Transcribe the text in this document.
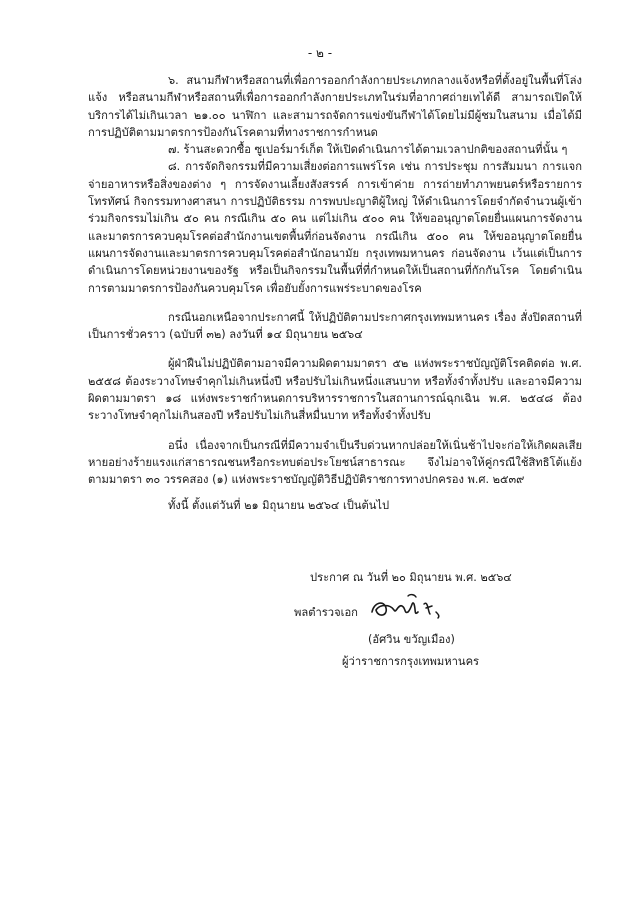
- ๒ -

๖. สนามกีฬาหรือสถานที่เพื่อการออกกำลังกายประเภทกลางแจ้งหรือที่ตั้งอยู่ในพื้นที่โล่งแจ้ง หรือสนามกีฬาหรือสถานที่เพื่อการออกกำลังกายประเภทในร่มที่อากาศถ่ายเทได้ดี สามารถเปิดให้บริการได้ไม่เกินเวลา ๒๑.๐๐ นาฬิกา และสามารถจัดการแข่งขันกีฬาได้โดยไม่มีผู้ชมในสนาม เมื่อได้มีการปฏิบัติตามมาตรการป้องกันโรคตามที่ทางราชการกำหนด

๗. ร้านสะดวกซื้อ ซูเปอร์มาร์เก็ต ให้เปิดดำเนินการได้ตามเวลาปกติของสถานที่นั้น ๆ

๘. การจัดกิจกรรมที่มีความเสี่ยงต่อการแพร่โรค เช่น การประชุม การสัมมนา การแจกจ่ายอาหารหรือสิ่งของต่าง ๆ การจัดงานเลี้ยงสังสรรค์ การเข้าค่าย การถ่ายทำภาพยนตร์หรือรายการโทรทัศน์ กิจกรรมทางศาสนา การปฏิบัติธรรม การพบปะญาติผู้ใหญ่ ให้ดำเนินการโดยจำกัดจำนวนผู้เข้าร่วมกิจกรรมไม่เกิน ๕๐ คน กรณีเกิน ๕๐ คน แต่ไม่เกิน ๕๐๐ คน ให้ขออนุญาตโดยยื่นแผนการจัดงานและมาตรการควบคุมโรคต่อสำนักงานเขตพื้นที่ก่อนจัดงาน กรณีเกิน ๕๐๐ คน ให้ขออนุญาตโดยยื่นแผนการจัดงานและมาตรการควบคุมโรคต่อสำนักอนามัย กรุงเทพมหานคร ก่อนจัดงาน เว้นแต่เป็นการดำเนินการโดยหน่วยงานของรัฐ หรือเป็นกิจกรรมในพื้นที่ที่กำหนดให้เป็นสถานที่กักกันโรค โดยดำเนินการตามมาตรการป้องกันควบคุมโรค เพื่อยับยั้งการแพร่ระบาดของโรค

กรณีนอกเหนือจากประกาศนี้ ให้ปฏิบัติตามประกาศกรุงเทพมหานคร เรื่อง สั่งปิดสถานที่เป็นการชั่วคราว (ฉบับที่ ๓๒) ลงวันที่ ๑๔ มิถุนายน ๒๕๖๔

ผู้ฝ่าฝืนไม่ปฏิบัติตามอาจมีความผิดตามมาตรา ๕๒ แห่งพระราชบัญญัติโรคติดต่อ พ.ศ. ๒๕๕๘ ต้องระวางโทษจำคุกไม่เกินหนึ่งปี หรือปรับไม่เกินหนึ่งแสนบาท หรือทั้งจำทั้งปรับ และอาจมีความผิดตามมาตรา ๑๘ แห่งพระราชกำหนดการบริหารราชการในสถานการณ์ฉุกเฉิน พ.ศ. ๒๕๔๘ ต้องระวางโทษจำคุกไม่เกินสองปี หรือปรับไม่เกินสี่หมื่นบาท หรือทั้งจำทั้งปรับ

อนึ่ง เนื่องจากเป็นกรณีที่มีความจำเป็นรีบด่วนหากปล่อยให้เนิ่นช้าไปจะก่อให้เกิดผลเสียหายอย่างร้ายแรงแก่สาธารณชนหรือกระทบต่อประโยชน์สาธารณะ จึงไม่อาจให้คู่กรณีใช้สิทธิโต้แย้ง ตามมาตรา ๓๐ วรรคสอง (๑) แห่งพระราชบัญญัติวิธีปฏิบัติราชการทางปกครอง พ.ศ. ๒๕๓๙

ทั้งนี้ ตั้งแต่วันที่ ๒๑ มิถุนายน ๒๕๖๔ เป็นต้นไป

ประกาศ ณ วันที่ ๒๐ มิถุนายน พ.ศ. ๒๕๖๔
พลตำรวจเอก
(อัศวิน ขวัญเมือง)
ผู้ว่าราชการกรุงเทพมหานคร
